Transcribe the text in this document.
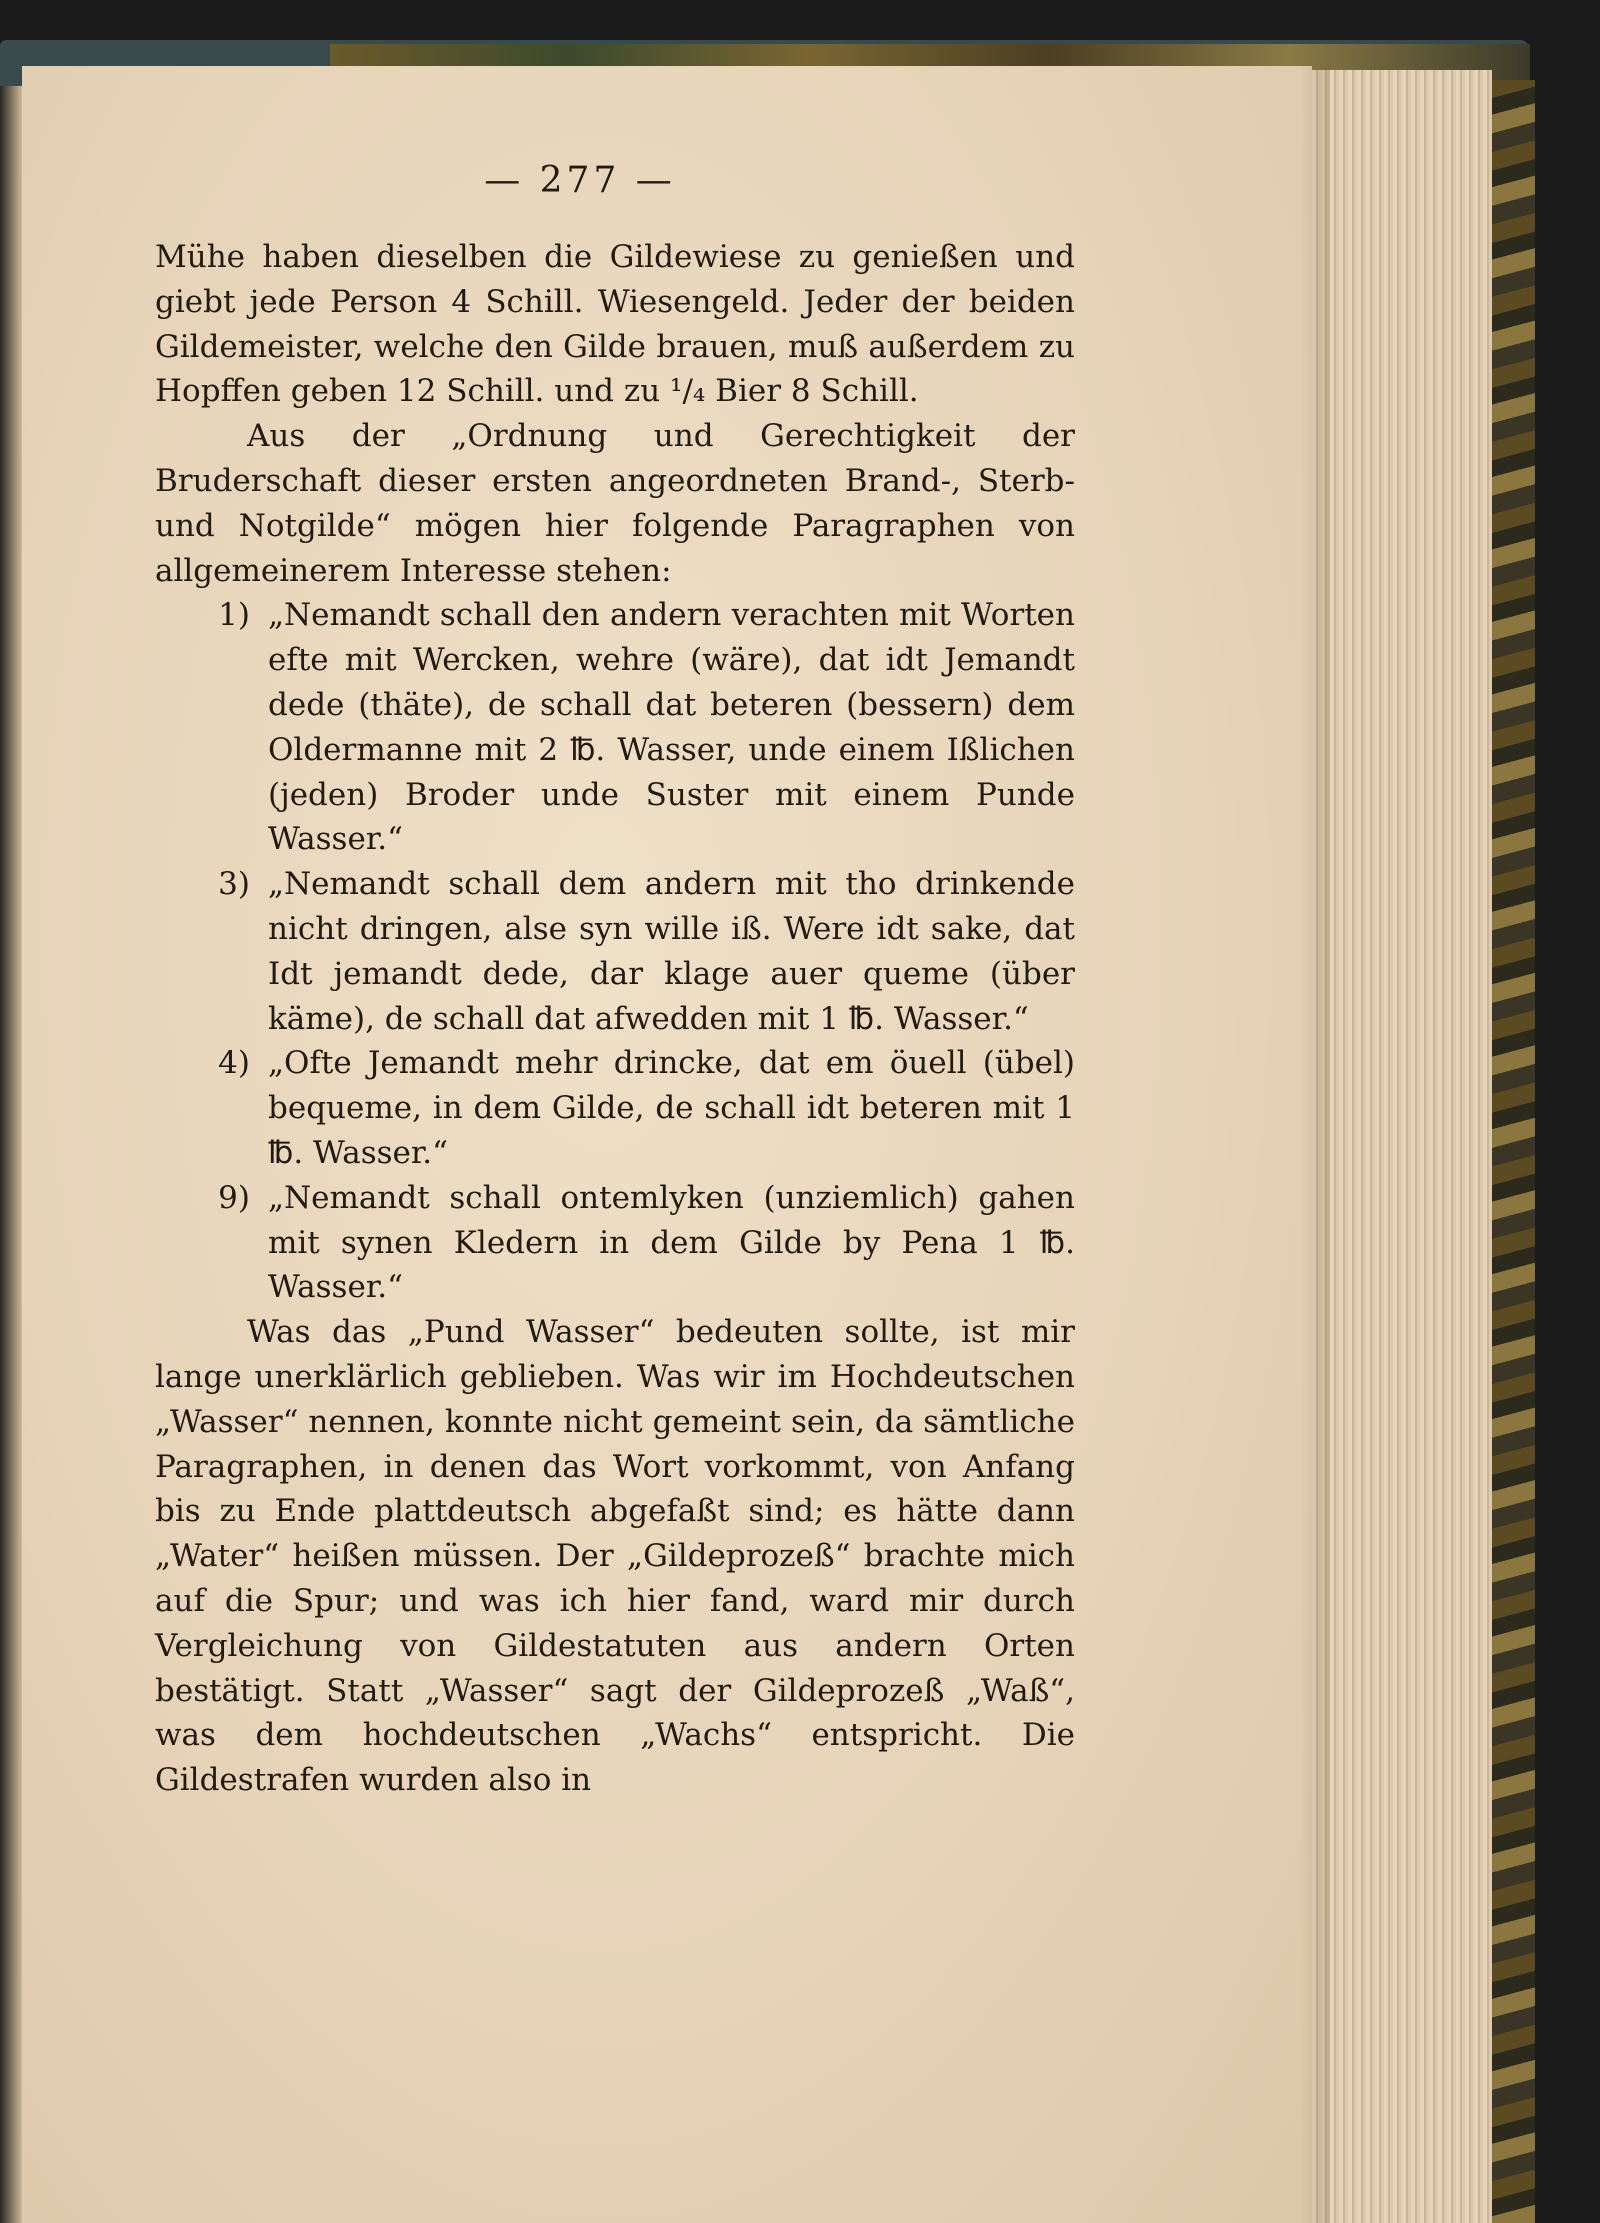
— 277 —

Mühe haben dieselben die Gildewiese zu genießen und giebt jede Person 4 Schill. Wiesengeld. Jeder der beiden Gildemeister, welche den Gilde brauen, muß außerdem zu Hopffen geben 12 Schill. und zu ¹/₄ Bier 8 Schill.

Aus der „Ordnung und Gerechtigkeit der Bruderschaft dieser ersten angeordneten Brand-, Sterb- und Notgilde“ mögen hier folgende Paragraphen von allgemeinerem Interesse stehen:

1) „Nemandt schall den andern verachten mit Worten efte mit Wercken, wehre (wäre), dat idt Jemandt dede (thäte), de schall dat beteren (bessern) dem Oldermanne mit 2 ℔. Wasser, unde einem Ißlichen (jeden) Broder unde Suster mit einem Punde Wasser.“

3) „Nemandt schall dem andern mit tho drinkende nicht dringen, alse syn wille iß. Were idt sake, dat Idt jemandt dede, dar klage auer queme (über käme), de schall dat afwedden mit 1 ℔. Wasser.“

4) „Ofte Jemandt mehr drincke, dat em öuell (übel) bequeme, in dem Gilde, de schall idt beteren mit 1 ℔. Wasser.“

9) „Nemandt schall ontemlyken (unziemlich) gahen mit synen Kledern in dem Gilde by Pena 1 ℔. Wasser.“

Was das „Pund Wasser“ bedeuten sollte, ist mir lange unerklärlich geblieben. Was wir im Hochdeutschen „Wasser“ nennen, konnte nicht gemeint sein, da sämtliche Paragraphen, in denen das Wort vorkommt, von Anfang bis zu Ende plattdeutsch abgefaßt sind; es hätte dann „Water“ heißen müssen. Der „Gildeprozeß“ brachte mich auf die Spur; und was ich hier fand, ward mir durch Vergleichung von Gildestatuten aus andern Orten bestätigt. Statt „Wasser“ sagt der Gildeprozeß „Waß“, was dem hochdeutschen „Wachs“ entspricht. Die Gildestrafen wurden also in
